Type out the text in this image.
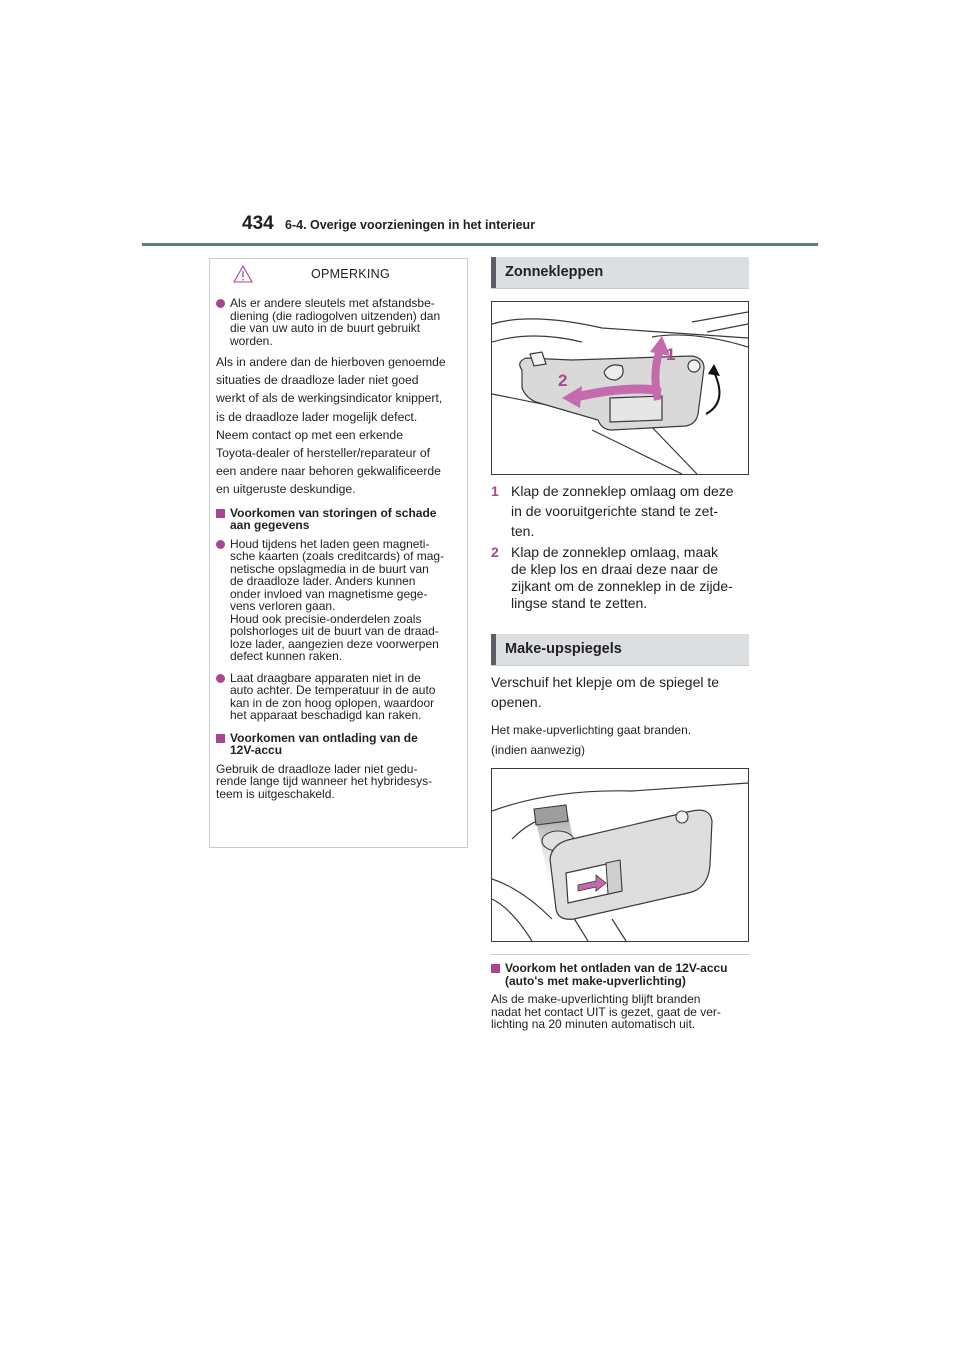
434 6-4. Overige voorzieningen in het interieur
OPMERKING

Als er andere sleutels met afstandsbe-
diening (die radiogolven uitzenden) dan
die van uw auto in de buurt gebruikt
worden.

Als in andere dan de hierboven genoemde
situaties de draadloze lader niet goed
werkt of als de werkingsindicator knippert,
is de draadloze lader mogelijk defect.
Neem contact op met een erkende
Toyota-dealer of hersteller/reparateur of
een andere naar behoren gekwalificeerde
en uitgeruste deskundige.

Voorkomen van storingen of schade
aan gegevens

Houd tijdens het laden geen magneti-
sche kaarten (zoals creditcards) of mag-
netische opslagmedia in de buurt van
de draadloze lader. Anders kunnen
onder invloed van magnetisme gege-
vens verloren gaan.
Houd ook precisie-onderdelen zoals
polshorloges uit de buurt van de draad-
loze lader, aangezien deze voorwerpen
defect kunnen raken.

Laat draagbare apparaten niet in de
auto achter. De temperatuur in de auto
kan in de zon hoog oplopen, waardoor
het apparaat beschadigd kan raken.

Voorkomen van ontlading van de
12V-accu

Gebruik de draadloze lader niet gedu-
rende lange tijd wanneer het hybridesys-
teem is uitgeschakeld.

Zonnekleppen
1
2
1 Klap de zonneklep omlaag om deze
in de vooruitgerichte stand te zet-
ten.
2 Klap de zonneklep omlaag, maak
de klep los en draai deze naar de
zijkant om de zonneklep in de zijde-
lingse stand te zetten.
Make-upspiegels
Verschuif het klepje om de spiegel te
openen.
Het make-upverlichting gaat branden.
(indien aanwezig)
Voorkom het ontladen van de 12V-accu
(auto's met make-upverlichting)

Als de make-upverlichting blijft branden
nadat het contact UIT is gezet, gaat de ver-
lichting na 20 minuten automatisch uit.
